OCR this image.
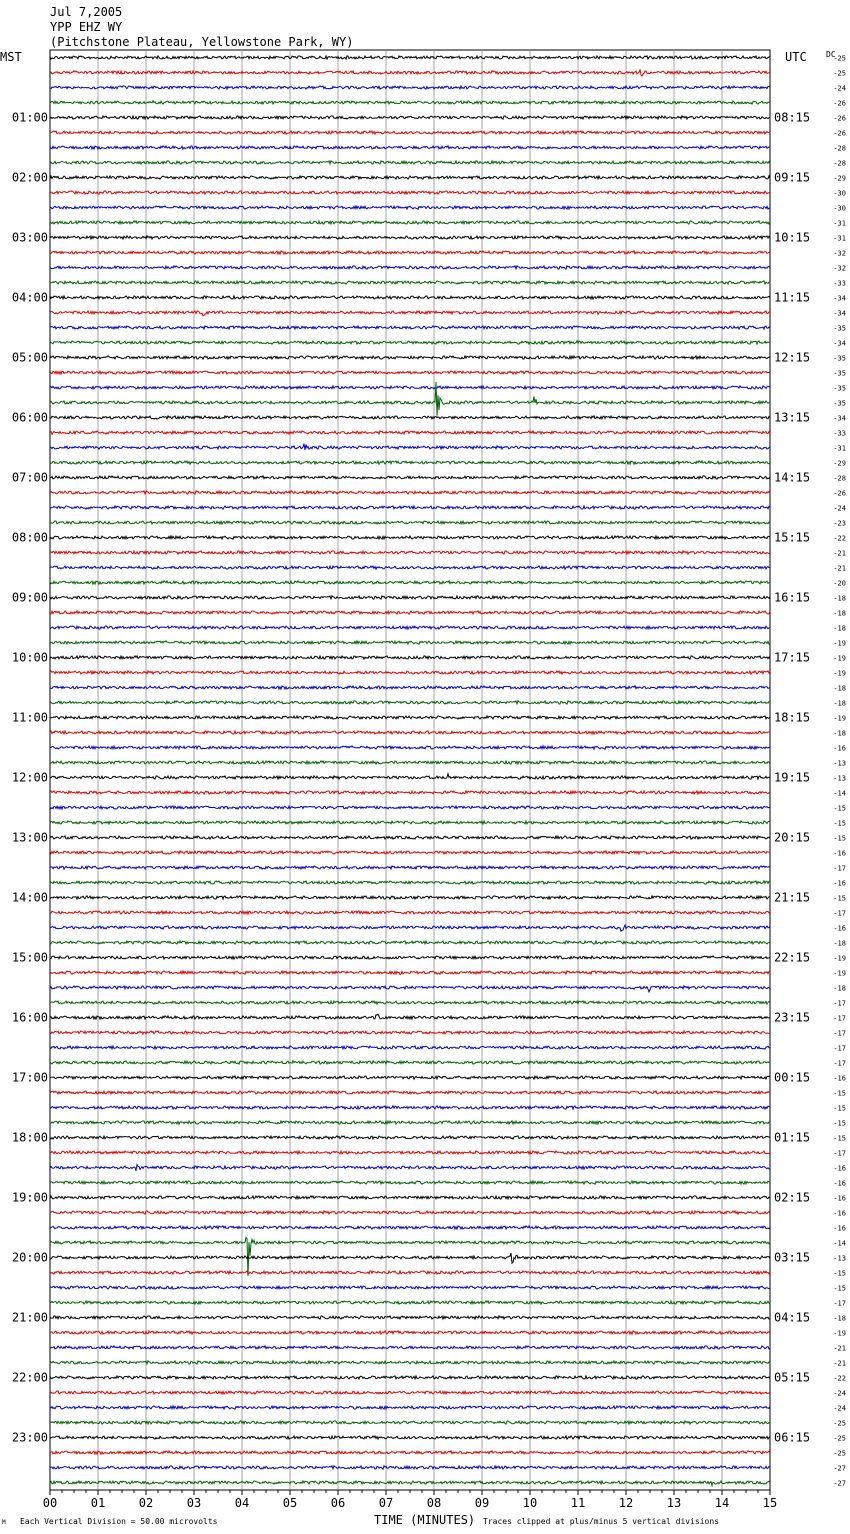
Jul 7,2005
YPP EHZ WY
(Pitchstone Plateau, Yellowstone Park, WY)
MST	UTC DC
01:00
02:00
03:00
04:00
05:00
06:00
07:00
08:00
09:00
10:00
11:00
12:00
13:00
14:00
15:00
16:00
17:00
18:00
19:00
20:00
21:00
22:00
23:00
08:15
09:15
10:15
11:15
12:15
13:15
14:15
15:15
16:15
17:15
18:15
19:15
20:15
21:15
22:15
23:15
00:15
01:15
02:15
03:15
04:15
05:15
06:15
-25
-25
-24
-26
-26
-26
-28
-28
-29
-30
-30
-31
-31
-32
-32
-33
-34
-34
-35
-34
-35
-35
-35
-35
-34
-33
-31
-29
-28
-26
-24
-23
-22
-21
-21
-20
-18
-18
-18
-19
-19
-19
-18
-18
-19
-18
-16
-13
-13
-14
-15
-15
-15
-16
-17
-16
-15
-17
-16
-18
-19
-19
-18
-17
-17
-17
-17
-17
-16
-15
-15
-15
-15
-17
-16
-16
-16
-16
-16
-14
-13
-15
-15
-17
-18
-19
-21
-21
-22
-24
-24
-25
-25
-25
-27
-27
00	01	02	03	04	05	06	07	08	09	10	11	12	13	14	15
M Each Vertical Division = 50.00 microvolts	TIME (MINUTES) Traces clipped at plus/minus 5 vertical divisions
